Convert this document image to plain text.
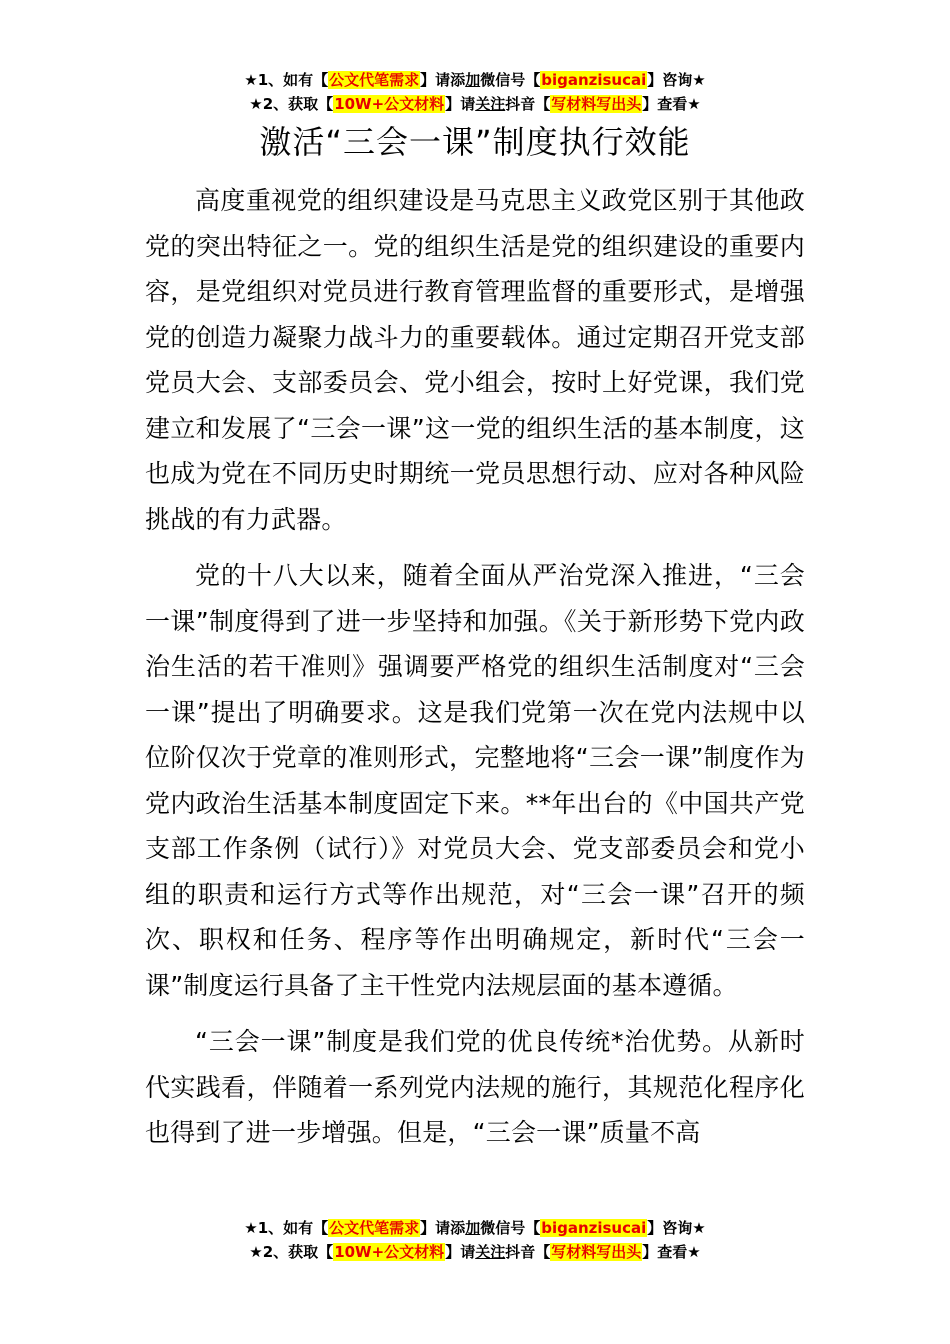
★1、如有【公文代笔需求】请添加微信号【biganzisucai】咨询★
★2、获取【10W+公文材料】请关注抖音【写材料写出头】查看★
激活“三会一课”制度执行效能

高度重视党的组织建设是马克思主义政党区别于其他政党的突出特征之一。党的组织生活是党的组织建设的重要内容，是党组织对党员进行教育管理监督的重要形式，是增强党的创造力凝聚力战斗力的重要载体。通过定期召开党支部党员大会、支部委员会、党小组会，按时上好党课，我们党建立和发展了“三会一课”这一党的组织生活的基本制度，这也成为党在不同历史时期统一党员思想行动、应对各种风险挑战的有力武器。

党的十八大以来，随着全面从严治党深入推进，“三会一课”制度得到了进一步坚持和加强。《关于新形势下党内政治生活的若干准则》强调要严格党的组织生活制度对“三会一课”提出了明确要求。这是我们党第一次在党内法规中以位阶仅次于党章的准则形式，完整地将“三会一课”制度作为党内政治生活基本制度固定下来。**年出台的《中国共产党支部工作条例（试行）》对党员大会、党支部委员会和党小组的职责和运行方式等作出规范，对“三会一课”召开的频次、职权和任务、程序等作出明确规定，新时代“三会一课”制度运行具备了主干性党内法规层面的基本遵循。

“三会一课”制度是我们党的优良传统*治优势。从新时代实践看，伴随着一系列党内法规的施行，其规范化程序化也得到了进一步增强。但是，“三会一课”质量不高

★1、如有【公文代笔需求】请添加微信号【biganzisucai】咨询★
★2、获取【10W+公文材料】请关注抖音【写材料写出头】查看★
